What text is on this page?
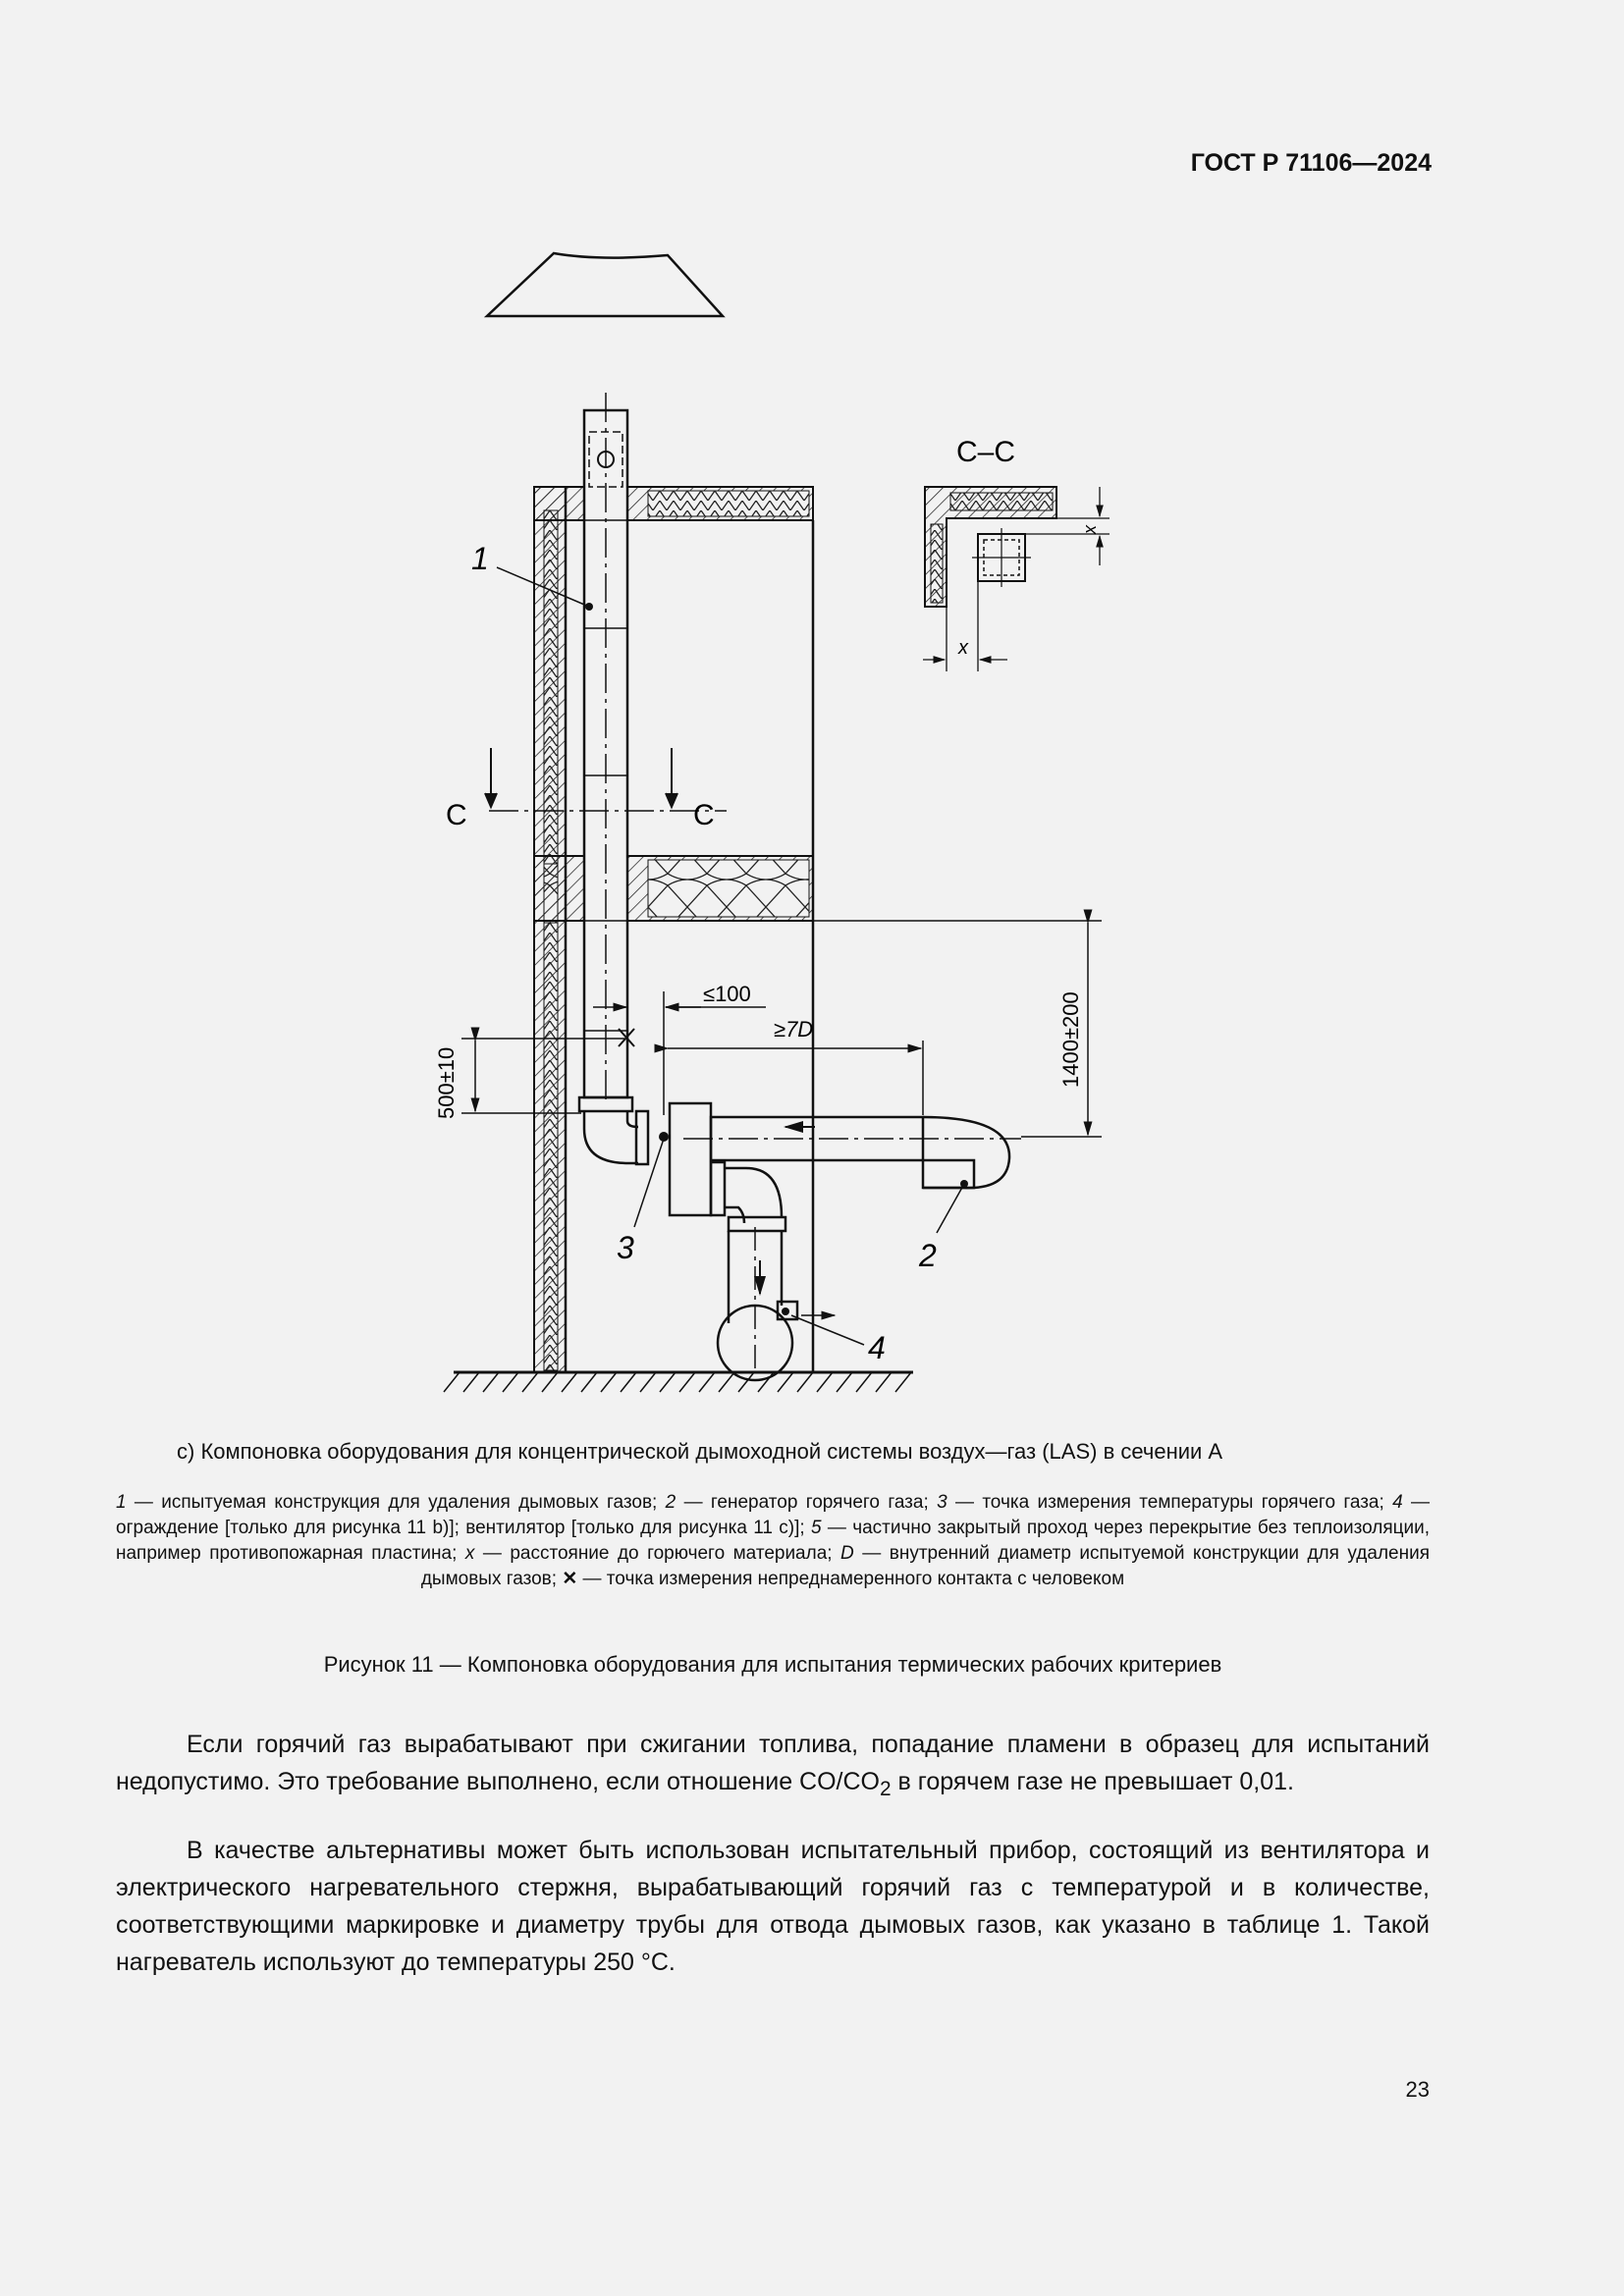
ГОСТ Р 71106—2024
С	С
1400±200
500±10
≤100
≥7D
1
3	2
4
С–С
x
x
c) Компоновка оборудования для концентрической дымоходной системы воздух—газ (LAS) в сечении А
1 — испытуемая конструкция для удаления дымовых газов; 2 — генератор горячего газа; 3 — точка измерения температуры горячего газа; 4 — ограждение [только для рисунка 11 b)]; вентилятор [только для рисунка 11 c)]; 5 — частично закрытый проход через перекрытие без теплоизоляции, например противопожарная пластина; x — расстояние до горючего материала; D — внутренний диаметр испытуемой конструкции для удаления дымовых газов; ✕ — точка измерения непреднамеренного контакта с человеком
Рисунок 11 — Компоновка оборудования для испытания термических рабочих критериев

Если горячий газ вырабатывают при сжигании топлива, попадание пламени в образец для испытаний недопустимо. Это требование выполнено, если отношение $CO/CO_2$ в горячем газе не превышает 0,01.

В качестве альтернативы может быть использован испытательный прибор, состоящий из вентилятора и электрического нагревательного стержня, вырабатывающий горячий газ с температурой и в количестве, соответствующими маркировке и диаметру трубы для отвода дымовых газов, как указано в таблице 1. Такой нагреватель используют до температуры 250 °C.

23
